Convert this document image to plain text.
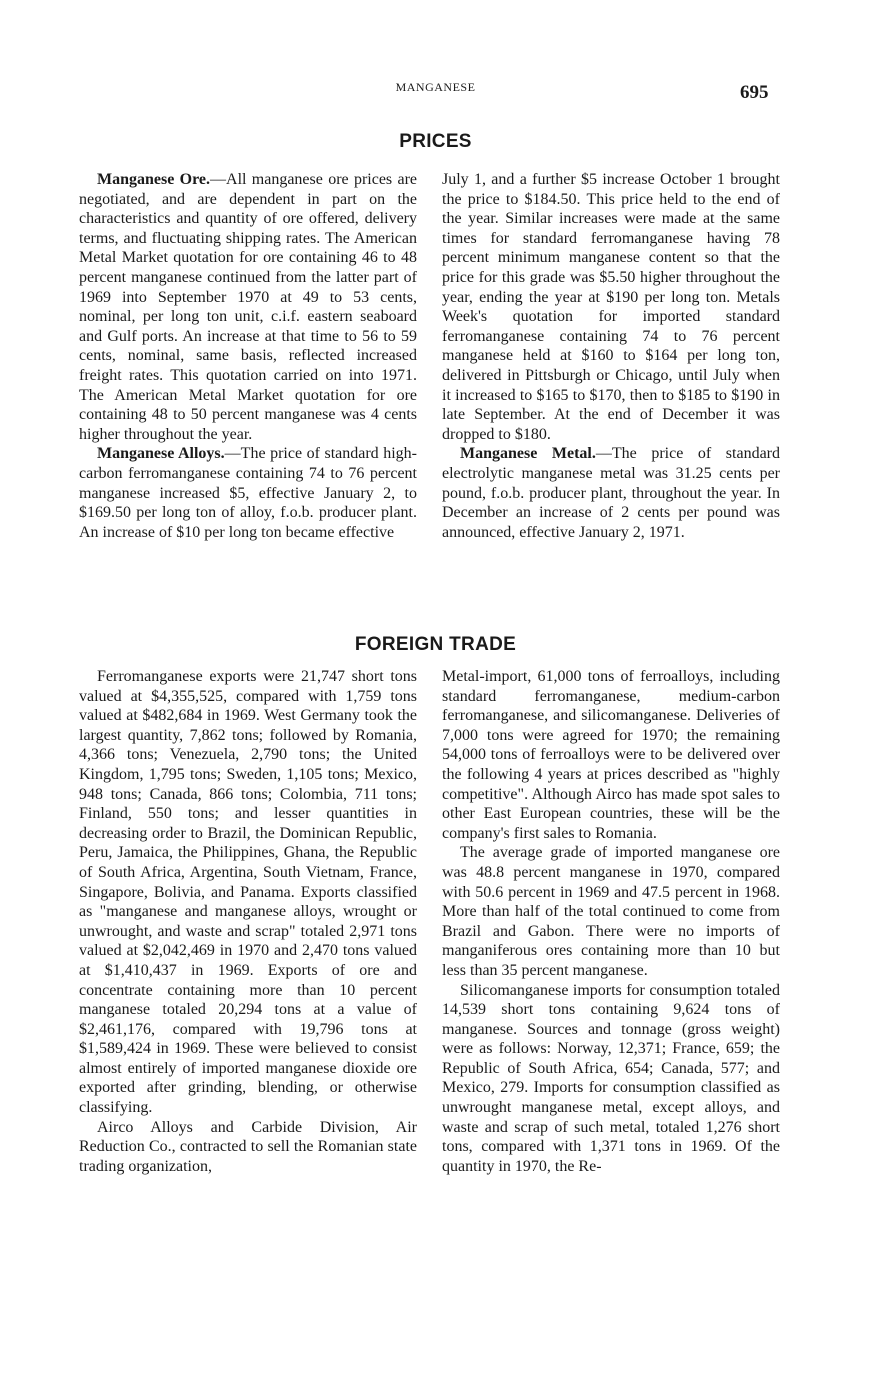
MANGANESE	695
PRICES

Manganese Ore.—All manganese ore prices are negotiated, and are dependent in part on the characteristics and quantity of ore offered, delivery terms, and fluctuating shipping rates. The American Metal Market quotation for ore containing 46 to 48 percent manganese continued from the latter part of 1969 into September 1970 at 49 to 53 cents, nominal, per long ton unit, c.i.f. eastern seaboard and Gulf ports. An increase at that time to 56 to 59 cents, nominal, same basis, reflected increased freight rates. This quotation carried on into 1971. The American Metal Market quotation for ore containing 48 to 50 percent manganese was 4 cents higher throughout the year.

Manganese Alloys.—The price of standard high-carbon ferromanganese containing 74 to 76 percent manganese increased $5, effective January 2, to $169.50 per long ton of alloy, f.o.b. producer plant. An increase of $10 per long ton became effective

July 1, and a further $5 increase October 1 brought the price to $184.50. This price held to the end of the year. Similar increases were made at the same times for standard ferromanganese having 78 percent minimum manganese content so that the price for this grade was $5.50 higher throughout the year, ending the year at $190 per long ton. Metals Week's quotation for imported standard ferromanganese containing 74 to 76 percent manganese held at $160 to $164 per long ton, delivered in Pittsburgh or Chicago, until July when it increased to $165 to $170, then to $185 to $190 in late September. At the end of December it was dropped to $180.

Manganese Metal.—The price of standard electrolytic manganese metal was 31.25 cents per pound, f.o.b. producer plant, throughout the year. In December an increase of 2 cents per pound was announced, effective January 2, 1971.

FOREIGN TRADE

Ferromanganese exports were 21,747 short tons valued at $4,355,525, compared with 1,759 tons valued at $482,684 in 1969. West Germany took the largest quantity, 7,862 tons; followed by Romania, 4,366 tons; Venezuela, 2,790 tons; the United Kingdom, 1,795 tons; Sweden, 1,105 tons; Mexico, 948 tons; Canada, 866 tons; Colombia, 711 tons; Finland, 550 tons; and lesser quantities in decreasing order to Brazil, the Dominican Republic, Peru, Jamaica, the Philippines, Ghana, the Republic of South Africa, Argentina, South Vietnam, France, Singapore, Bolivia, and Panama. Exports classified as "manganese and manganese alloys, wrought or unwrought, and waste and scrap" totaled 2,971 tons valued at $2,042,469 in 1970 and 2,470 tons valued at $1,410,437 in 1969. Exports of ore and concentrate containing more than 10 percent manganese totaled 20,294 tons at a value of $2,461,176, compared with 19,796 tons at $1,589,424 in 1969. These were believed to consist almost entirely of imported manganese dioxide ore exported after grinding, blending, or otherwise classifying.

Airco Alloys and Carbide Division, Air Reduction Co., contracted to sell the Romanian state trading organization,

Metal-import, 61,000 tons of ferroalloys, including standard ferromanganese, medium-carbon ferromanganese, and silicomanganese. Deliveries of 7,000 tons were agreed for 1970; the remaining 54,000 tons of ferroalloys were to be delivered over the following 4 years at prices described as "highly competitive". Although Airco has made spot sales to other East European countries, these will be the company's first sales to Romania.

The average grade of imported manganese ore was 48.8 percent manganese in 1970, compared with 50.6 percent in 1969 and 47.5 percent in 1968. More than half of the total continued to come from Brazil and Gabon. There were no imports of manganiferous ores containing more than 10 but less than 35 percent manganese.

Silicomanganese imports for consumption totaled 14,539 short tons containing 9,624 tons of manganese. Sources and tonnage (gross weight) were as follows: Norway, 12,371; France, 659; the Republic of South Africa, 654; Canada, 577; and Mexico, 279. Imports for consumption classified as unwrought manganese metal, except alloys, and waste and scrap of such metal, totaled 1,276 short tons, compared with 1,371 tons in 1969. Of the quantity in 1970, the Re-
